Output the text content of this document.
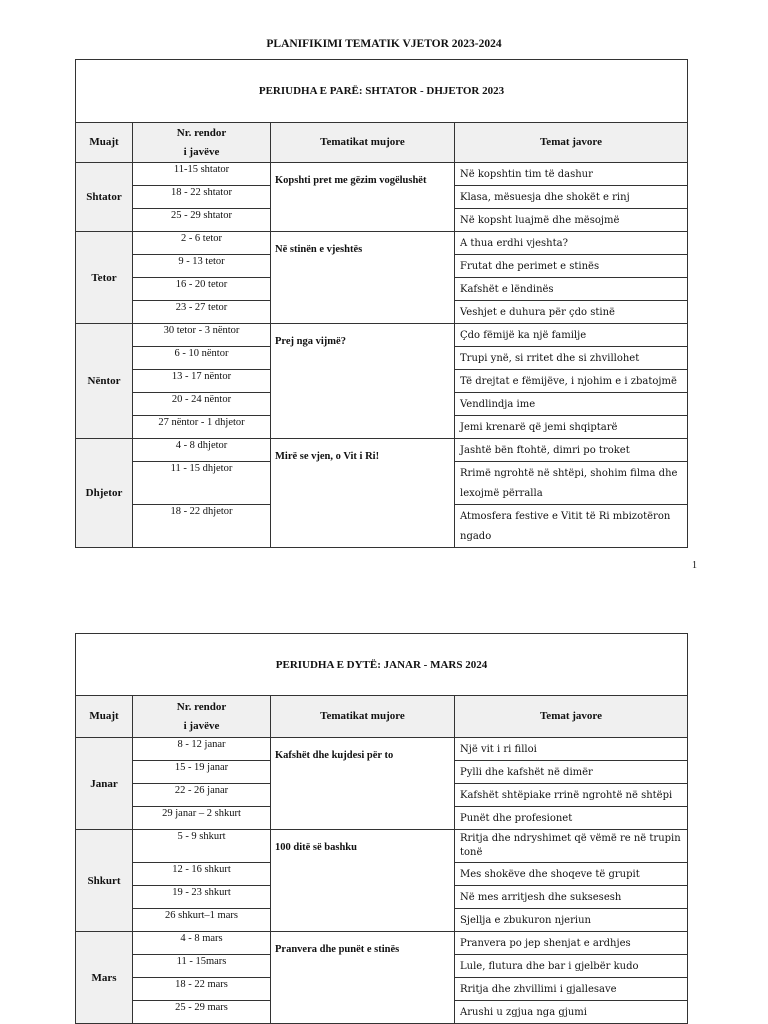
PLANIFIKIMI TEMATIK VJETOR 2023-2024
PERIUDHA E PARË: SHTATOR - DHJETOR 2023			
Muajt	Nr. rendor
i javëve	Tematikat mujore	Temat javore
Shtator	11-15 shtator	Kopshti pret me gëzim vogëlushët	Në kopshtin tim të dashur
	18 - 22 shtator		Klasa, mësuesja dhe shokët e rinj
	25 - 29 shtator		Në kopsht luajmë dhe mësojmë
Tetor	2 - 6 tetor	Në stinën e vjeshtës	A thua erdhi vjeshta?
	9 - 13 tetor		Frutat dhe perimet e stinës
	16 - 20 tetor		Kafshët e lëndinës
	23 - 27 tetor		Veshjet e duhura për çdo stinë
Nëntor	30 tetor - 3 nëntor	Prej nga vijmë?	Çdo fëmijë ka një familje
	6 - 10 nëntor		Trupi ynë, si rritet dhe si zhvillohet
	13 - 17 nëntor		Të drejtat e fëmijëve, i njohim e i zbatojmë
	20 - 24 nëntor		Vendlindja ime
	27 nëntor - 1 dhjetor		Jemi krenarë që jemi shqiptarë
Dhjetor	4 - 8 dhjetor	Mirë se vjen, o Vit i Ri!	Jashtë bën ftohtë, dimri po troket
	11 - 15 dhjetor		Rrimë ngrohtë në shtëpi, shohim filma dhe lexojmë përralla
	18 - 22 dhjetor		Atmosfera festive e Vitit të Ri mbizotëron ngado
1
PERIUDHA E DYTË: JANAR - MARS 2024			
Muajt	Nr. rendor
i javëve	Tematikat mujore	Temat javore
Janar	8 - 12 janar	Kafshët dhe kujdesi për to	Një vit i ri filloi
	15 - 19 janar		Pylli dhe kafshët në dimër
	22 - 26 janar		Kafshët shtëpiake rrinë ngrohtë në shtëpi
	29 janar – 2 shkurt		Punët dhe profesionet
Shkurt	5 - 9 shkurt	100 ditë së bashku	Rritja dhe ndryshimet që vëmë re në trupin tonë
	12 - 16 shkurt		Mes shokëve dhe shoqeve të grupit
	19 - 23 shkurt		Në mes arritjesh dhe suksesesh
	26 shkurt–1 mars		Sjellja e zbukuron njeriun
Mars	4 - 8 mars	Pranvera dhe punët e stinës	Pranvera po jep shenjat e ardhjes
	11 - 15mars		Lule, flutura dhe bar i gjelbër kudo
	18 - 22 mars		Rritja dhe zhvillimi i gjallesave
	25 - 29 mars		Arushi u zgjua nga gjumi
